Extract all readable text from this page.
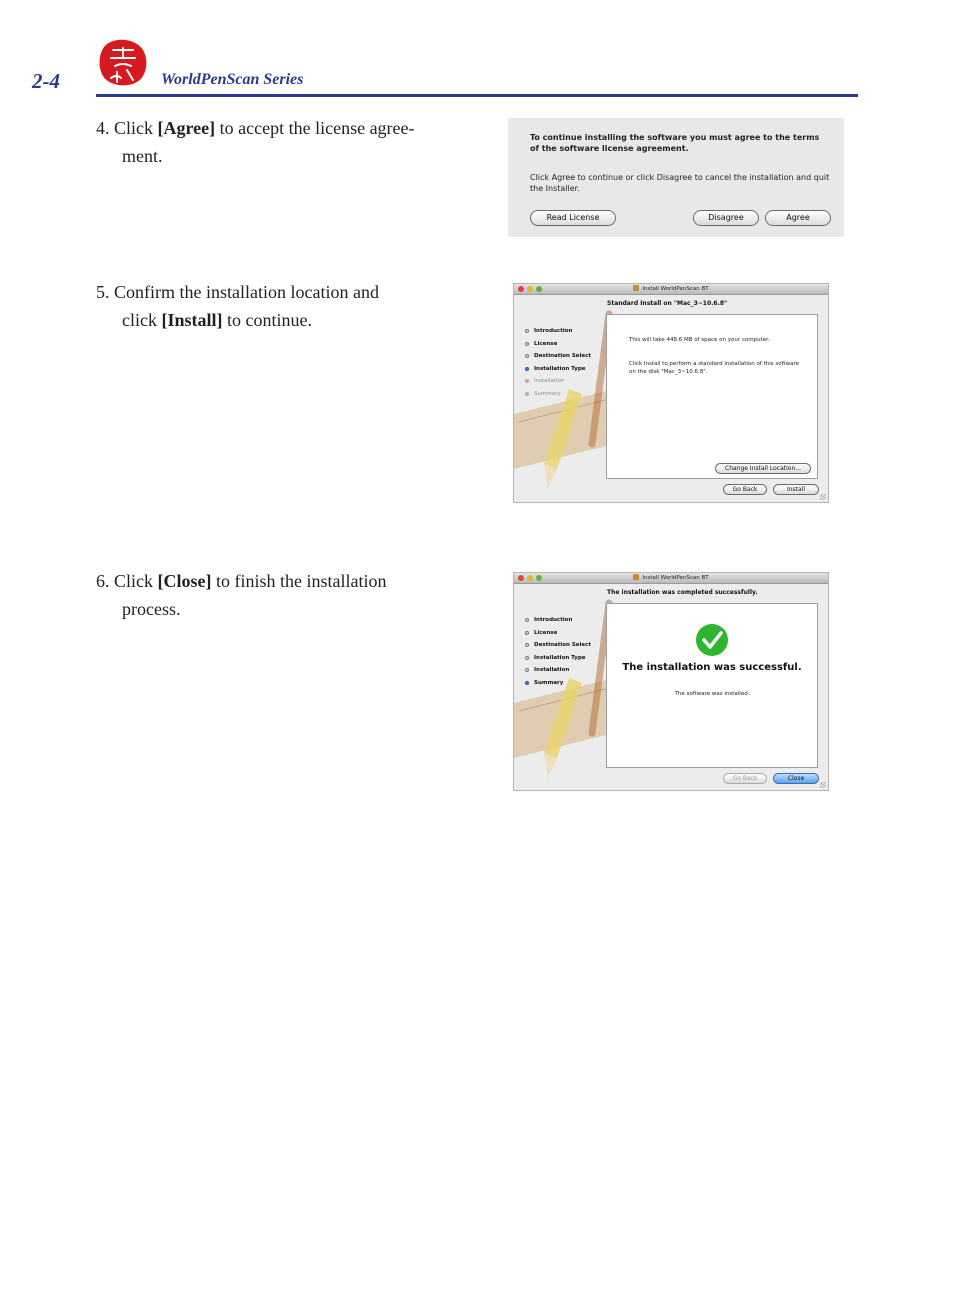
2-4	WorldPenScan Series
4. Click [Agree] to accept the license agree-
ment.
5. Confirm the installation location and
click [Install] to continue.
6. Click [Close] to finish the installation
process.
To continue installing the software you must agree to the terms of the software license agreement.
Click Agree to continue or click Disagree to cancel the installation and quit the Installer.
Read License	Disagree	Agree
Install WorldPenScan BT
Standard Install on "Mac_3~10.6.8"
Introduction
License
Destination Select
Installation Type
Installation
Summary
This will take 448.6 MB of space on your computer.
Click Install to perform a standard installation of this software on the disk "Mac_3~10.6.8".
Change Install Location...
Go Back	Install
Install WorldPenScan BT
The installation was completed successfully.
Introduction
License
Destination Select
Installation Type
Installation
Summary
The installation was successful.
The software was installed.
Go Back	Close
